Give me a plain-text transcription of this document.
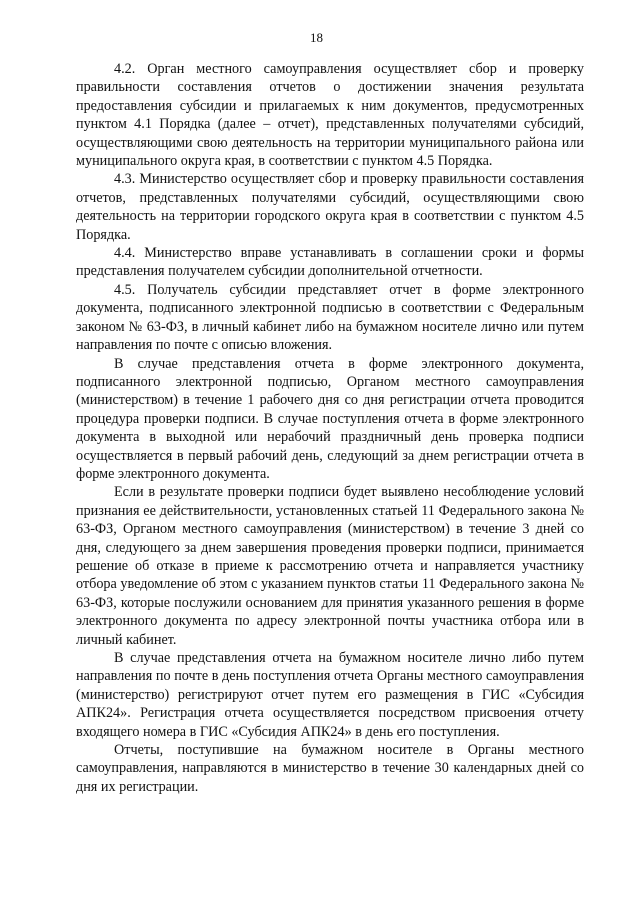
18

4.2. Орган местного самоуправления осуществляет сбор и проверку правильности составления отчетов о достижении значения результата предоставления субсидии и прилагаемых к ним документов, предусмотренных пунктом 4.1 Порядка (далее – отчет), представленных получателями субсидий, осуществляющими свою деятельность на территории муниципального района или муниципального округа края, в соответствии с пунктом 4.5 Порядка.

4.3. Министерство осуществляет сбор и проверку правильности составления отчетов, представленных получателями субсидий, осуществляющими свою деятельность на территории городского округа края в соответствии с пунктом 4.5 Порядка.

4.4. Министерство вправе устанавливать в соглашении сроки и формы представления получателем субсидии дополнительной отчетности.

4.5. Получатель субсидии представляет отчет в форме электронного документа, подписанного электронной подписью в соответствии с Федеральным законом № 63-ФЗ, в личный кабинет либо на бумажном носителе лично или путем направления по почте с описью вложения.

В случае представления отчета в форме электронного документа, подписанного электронной подписью, Органом местного самоуправления (министерством) в течение 1 рабочего дня со дня регистрации отчета проводится процедура проверки подписи. В случае поступления отчета в форме электронного документа в выходной или нерабочий праздничный день проверка подписи осуществляется в первый рабочий день, следующий за днем регистрации отчета в форме электронного документа.

Если в результате проверки подписи будет выявлено несоблюдение условий признания ее действительности, установленных статьей 11 Федерального закона № 63-ФЗ, Органом местного самоуправления (министерством) в течение 3 дней со дня, следующего за днем завершения проведения проверки подписи, принимается решение об отказе в приеме к рассмотрению отчета и направляется участнику отбора уведомление об этом с указанием пунктов статьи 11 Федерального закона № 63-ФЗ, которые послужили основанием для принятия указанного решения в форме электронного документа по адресу электронной почты участника отбора или в личный кабинет.

В случае представления отчета на бумажном носителе лично либо путем направления по почте в день поступления отчета Органы местного самоуправления (министерство) регистрируют отчет путем его размещения в ГИС «Субсидия АПК24». Регистрация отчета осуществляется посредством присвоения отчету входящего номера в ГИС «Субсидия АПК24» в день его поступления.

Отчеты, поступившие на бумажном носителе в Органы местного самоуправления, направляются в министерство в течение 30 календарных дней со дня их регистрации.
